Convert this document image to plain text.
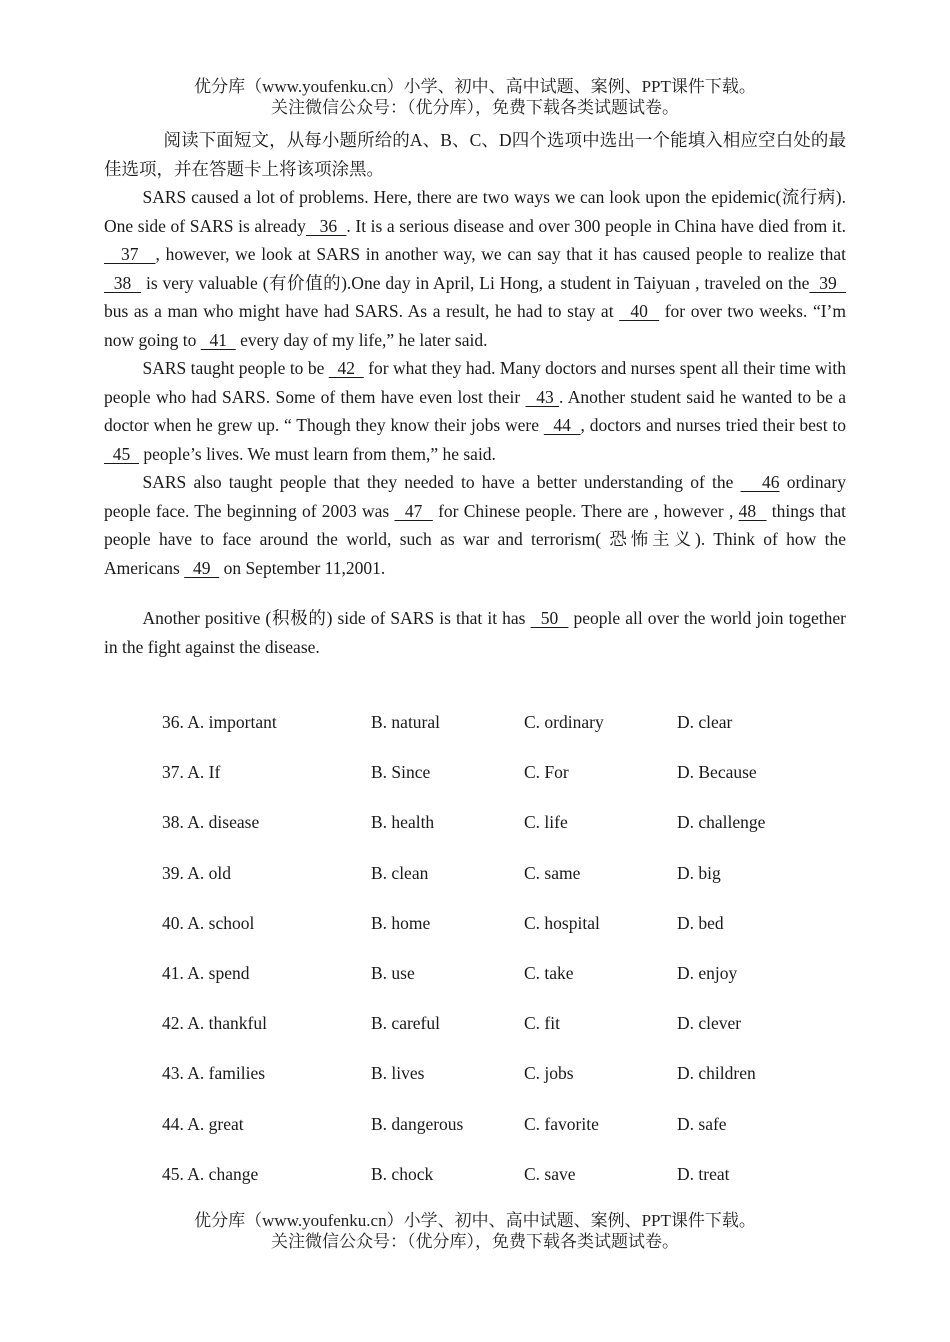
优分库（www.youfenku.cn）小学、初中、高中试题、案例、PPT课件下载。
关注微信公众号：（优分库），免费下载各类试题试卷。

阅读下面短文，从每小题所给的A、B、C、D四个选项中选出一个能填入相应空白处的最佳选项，并在答题卡上将该项涂黑。

SARS caused a lot of problems. Here, there are two ways we can look upon the epidemic(流行病). One side of SARS is already   36  . It is a serious disease and over 300 people in China have died from it.   37   , however, we look at SARS in another way, we can say that it has caused people to realize that   38   is very valuable (有价值的).One day in April, Li Hong, a student in Taiyuan , traveled on the  39   bus as a man who might have had SARS. As a result, he had to stay at   40   for over two weeks. “I’m now going to   41   every day of my life,” he later said.

SARS taught people to be   42   for what they had. Many doctors and nurses spent all their time with people who had SARS. Some of them have even lost their   43 . Another student said he wanted to be a doctor when he grew up. “ Though they know their jobs were   44  , doctors and nurses tried their best to   45   people’s lives. We must learn from them,” he said.

SARS also taught people that they needed to have a better understanding of the    46 ordinary people face. The beginning of 2003 was   47   for Chinese people. There are , however , 48   things that people have to face around the world, such as war and terrorism( 恐怖主义). Think of how the Americans   49   on September 11,2001.

Another positive (积极的) side of SARS is that it has   50   people all over the world join together in the fight against the disease.

36. A. important	B. natural	C. ordinary	D. clear
37. A. If	B. Since	C. For	D. Because
38. A. disease	B. health	C. life	D. challenge
39. A. old	B. clean	C. same	D. big
40. A. school	B. home	C. hospital	D. bed
41. A. spend	B. use	C. take	D. enjoy
42. A. thankful	B. careful	C. fit	D. clever
43. A. families	B. lives	C. jobs	D. children
44. A. great	B. dangerous	C. favorite	D. safe
45. A. change	B. chock	C. save	D. treat
优分库（www.youfenku.cn）小学、初中、高中试题、案例、PPT课件下载。
关注微信公众号：（优分库），免费下载各类试题试卷。
